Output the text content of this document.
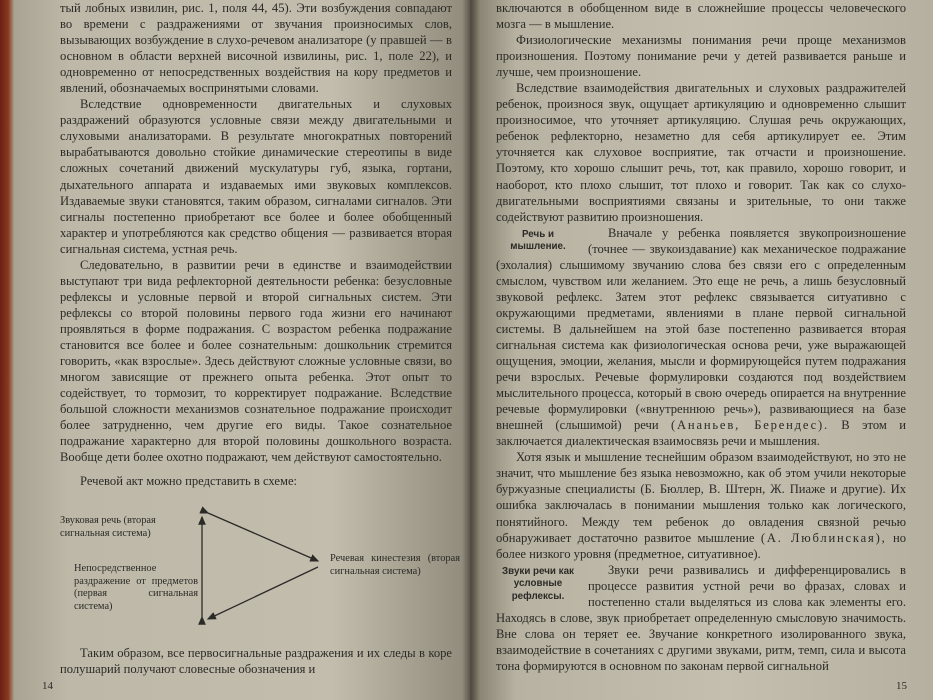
тый лобных извилин, рис. 1, поля 44, 45). Эти возбуждения совпадают во времени с раздражениями от звучания произносимых слов, вызывающих возбуждение в слухо-речевом анализаторе (у правшей — в основном в области верхней височной извилины, рис. 1, поле 22), и одновременно от непосредственных воздействия на кору предметов и явлений, обозначаемых воспринятыми словами.

Вследствие одновременности двигательных и слуховых раздражений образуются условные связи между двигательными и слуховыми анализаторами. В результате многократных повторений вырабатываются довольно стойкие динамические стереотипы в виде сложных сочетаний движений мускулатуры губ, языка, гортани, дыхательного аппарата и издаваемых ими звуковых комплексов. Издаваемые звуки становятся, таким образом, сигналами сигналов. Эти сигналы постепенно приобретают все более и более обобщенный характер и употребляются как средство общения — развивается вторая сигнальная система, устная речь.

Следовательно, в развитии речи в единстве и взаимодействии выступают три вида рефлекторной деятельности ребенка: безусловные рефлексы и условные первой и второй сигнальных систем. Эти рефлексы со второй половины первого года жизни его начинают проявляться в форме подражания. С возрастом ребенка подражание становится все более и более сознательным: дошкольник стремится говорить, «как взрослые». Здесь действуют сложные условные связи, во многом зависящие от прежнего опыта ребенка. Этот опыт то содействует, то тормозит, то корректирует подражание. Вследствие большой сложности механизмов сознательное подражание происходит более затрудненно, чем другие его виды. Такое сознательное подражание характерно для второй половины дошкольного возраста. Вообще дети более охотно подражают, чем действуют самостоятельно.

Речевой акт можно представить в схеме:

Звуковая речь (вторая сигнальная система)
Непосредственное раздражение от предметов (первая сигнальная система)
Речевая кинестезия (вторая сигнальная система)

Таким образом, все первосигнальные раздражения и их следы в коре полушарий получают словесные обозначения и

14

включаются в обобщенном виде в сложнейшие процессы человеческого мозга — в мышление.

Физиологические механизмы понимания речи проще механизмов произношения. Поэтому понимание речи у детей развивается раньше и лучше, чем произношение.

Вследствие взаимодействия двигательных и слуховых раздражителей ребенок, произнося звук, ощущает артикуляцию и одновременно слышит произносимое, что уточняет артикуляцию. Слушая речь окружающих, ребенок рефлекторно, незаметно для себя артикулирует ее. Этим уточняется как слуховое восприятие, так отчасти и произношение. Поэтому, кто хорошо слышит речь, тот, как правило, хорошо говорит, и наоборот, кто плохо слышит, тот плохо и говорит. Так как со слухо-двигательными восприятиями связаны и зрительные, то они также содействуют развитию произношения.

Речь и мышление.

Вначале у ребенка появляется звукопроизношение (точнее — звукоиздавание) как механическое подражание (эхолалия) слышимому звучанию слова без связи его с определенным смыслом, чувством или желанием. Это еще не речь, а лишь безусловный звуковой рефлекс. Затем этот рефлекс связывается ситуативно с окружающими предметами, явлениями в плане первой сигнальной системы. В дальнейшем на этой базе постепенно развивается вторая сигнальная система как физиологическая основа речи, уже выражающей ощущения, эмоции, желания, мысли и формирующейся путем подражания речи взрослых. Речевые формулировки создаются под воздействием мыслительного процесса, который в свою очередь опирается на внутренние речевые формулировки («внутреннюю речь»), развивающиеся на базе внешней (слышимой) речи (Ананьев, Берендес). В этом и заключается диалектическая взаимосвязь речи и мышления.

Хотя язык и мышление теснейшим образом взаимодействуют, но это не значит, что мышление без языка невозможно, как об этом учили некоторые буржуазные специалисты (Б. Бюллер, В. Штерн, Ж. Пиаже и другие). Их ошибка заключалась в понимании мышления только как логического, понятийного. Между тем ребенок до овладения связной речью обнаруживает достаточно развитое мышление (А. Люблинская), но более низкого уровня (предметное, ситуативное).

Звуки речи как условные рефлексы.

Звуки речи развивались и дифференцировались в процессе развития устной речи во фразах, словах и постепенно стали выделяться из слова как элементы его. Находясь в слове, звук приобретает определенную смысловую значимость. Вне слова он теряет ее. Звучание конкретного изолированного звука, взаимодействие в сочетаниях с другими звуками, ритм, темп, сила и высота тона формируются в основном по законам первой сигнальной

15
